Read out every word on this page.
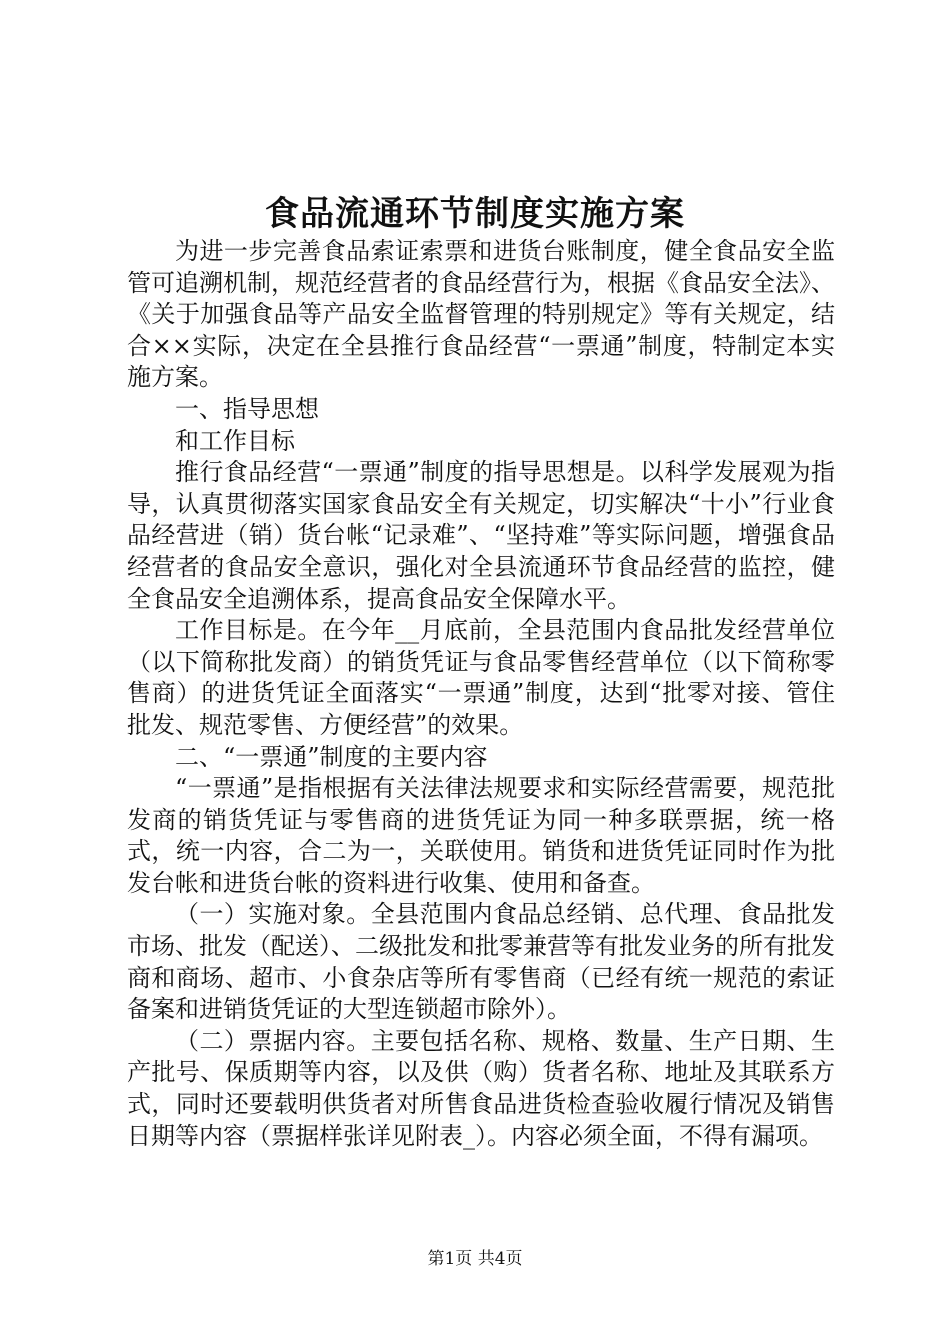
食品流通环节制度实施方案

为进一步完善食品索证索票和进货台账制度，健全食品安全监管可追溯机制，规范经营者的食品经营行为，根据《食品安全法》、《关于加强食品等产品安全监督管理的特别规定》等有关规定，结合××实际，决定在全县推行食品经营“一票通”制度，特制定本实施方案。

一、指导思想

和工作目标

推行食品经营“一票通”制度的指导思想是。以科学发展观为指导，认真贯彻落实国家食品安全有关规定，切实解决“十小”行业食品经营进（销）货台帐“记录难”、“坚持难”等实际问题，增强食品经营者的食品安全意识，强化对全县流通环节食品经营的监控，健全食品安全追溯体系，提高食品安全保障水平。

工作目标是。在今年__月底前，全县范围内食品批发经营单位（以下简称批发商）的销货凭证与食品零售经营单位（以下简称零售商）的进货凭证全面落实“一票通”制度，达到“批零对接、管住批发、规范零售、方便经营”的效果。

二、“一票通”制度的主要内容

“一票通”是指根据有关法律法规要求和实际经营需要，规范批发商的销货凭证与零售商的进货凭证为同一种多联票据，统一格式，统一内容，合二为一，关联使用。销货和进货凭证同时作为批发台帐和进货台帐的资料进行收集、使用和备查。

（一）实施对象。全县范围内食品总经销、总代理、食品批发市场、批发（配送）、二级批发和批零兼营等有批发业务的所有批发商和商场、超市、小食杂店等所有零售商（已经有统一规范的索证备案和进销货凭证的大型连锁超市除外）。

（二）票据内容。主要包括名称、规格、数量、生产日期、生产批号、保质期等内容，以及供（购）货者名称、地址及其联系方式，同时还要载明供货者对所售食品进货检查验收履行情况及销售日期等内容（票据样张详见附表_）。内容必须全面，不得有漏项。

第1页 共4页
